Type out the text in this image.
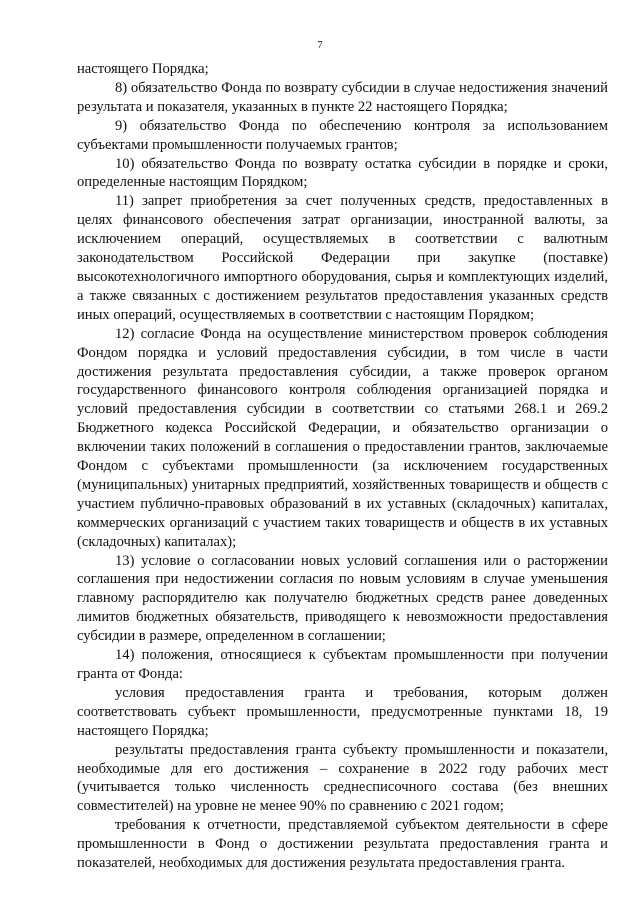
7

настоящего Порядка;

8) обязательство Фонда по возврату субсидии в случае недостижения значений результата и показателя, указанных в пункте 22 настоящего Порядка;

9) обязательство Фонда по обеспечению контроля за использованием субъектами промышленности получаемых грантов;

10) обязательство Фонда по возврату остатка субсидии в порядке и сроки, определенные настоящим Порядком;

11) запрет приобретения за счет полученных средств, предоставленных в целях финансового обеспечения затрат организации, иностранной валюты, за исключением операций, осуществляемых в соответствии с валютным законодательством Российской Федерации при закупке (поставке) высокотехнологичного импортного оборудования, сырья и комплектующих изделий, а также связанных с достижением результатов предоставления указанных средств иных операций, осуществляемых в соответствии с настоящим Порядком;

12) согласие Фонда на осуществление министерством проверок соблюдения Фондом порядка и условий предоставления субсидии, в том числе в части достижения результата предоставления субсидии, а также проверок органом государственного финансового контроля соблюдения организацией порядка и условий предоставления субсидии в соответствии со статьями 268.1 и 269.2 Бюджетного кодекса Российской Федерации, и обязательство организации о включении таких положений в соглашения о предоставлении грантов, заключаемые Фондом с субъектами промышленности (за исключением государственных (муниципальных) унитарных предприятий, хозяйственных товариществ и обществ с участием публично-правовых образований в их уставных (складочных) капиталах, коммерческих организаций с участием таких товариществ и обществ в их уставных (складочных) капиталах);

13) условие о согласовании новых условий соглашения или о расторжении соглашения при недостижении согласия по новым условиям в случае уменьшения главному распорядителю как получателю бюджетных средств ранее доведенных лимитов бюджетных обязательств, приводящего к невозможности предоставления субсидии в размере, определенном в соглашении;

14) положения, относящиеся к субъектам промышленности при получении гранта от Фонда:

условия предоставления гранта и требования, которым должен соответствовать субъект промышленности, предусмотренные пунктами 18, 19 настоящего Порядка;

результаты предоставления гранта субъекту промышленности и показатели, необходимые для его достижения – сохранение в 2022 году рабочих мест (учитывается только численность среднесписочного состава (без внешних совместителей) на уровне не менее 90% по сравнению с 2021 годом;

требования к отчетности, представляемой субъектом деятельности в сфере промышленности в Фонд о достижении результата предоставления гранта и показателей, необходимых для достижения результата предоставления гранта.
